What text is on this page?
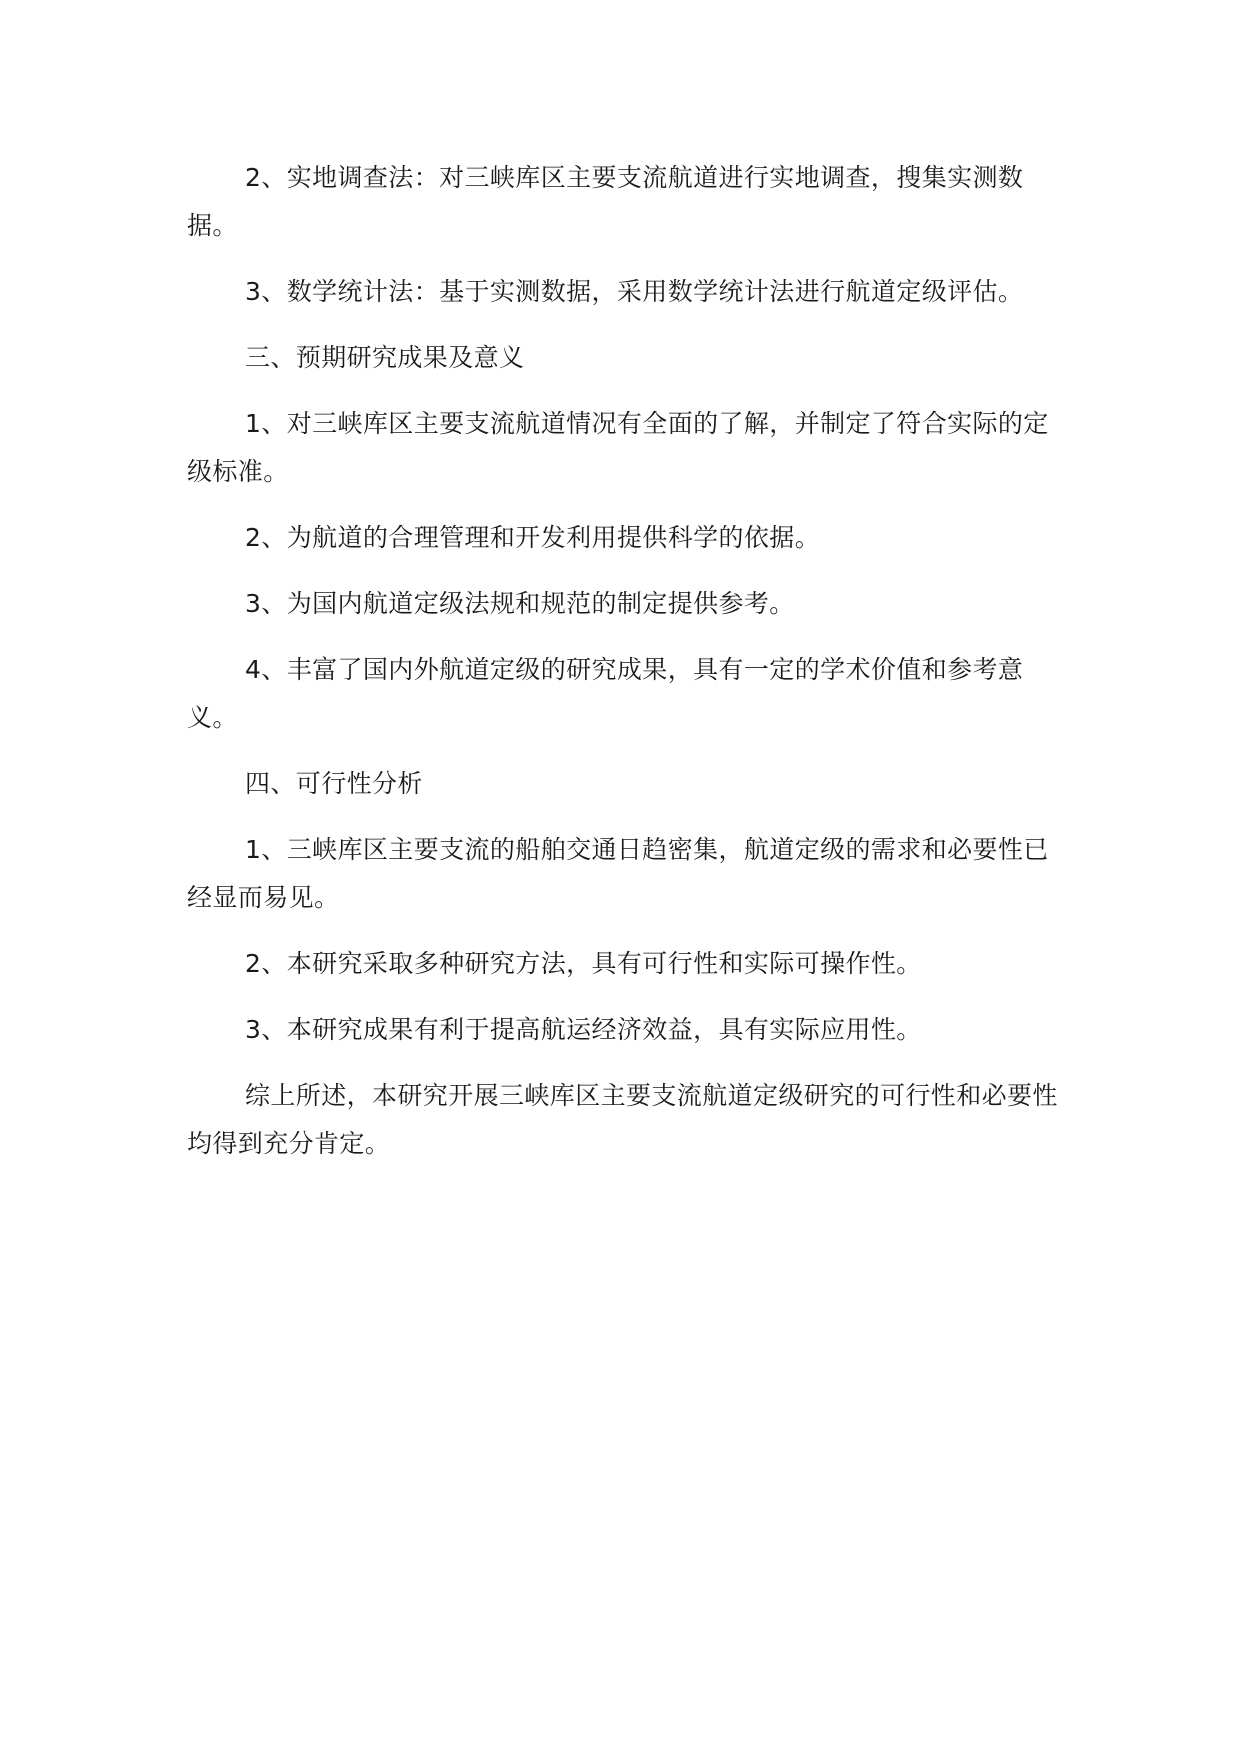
2、实地调查法：对三峡库区主要支流航道进行实地调查，搜集实测数据。

3、数学统计法：基于实测数据，采用数学统计法进行航道定级评估。

三、预期研究成果及意义

1、对三峡库区主要支流航道情况有全面的了解，并制定了符合实际的定级标准。

2、为航道的合理管理和开发利用提供科学的依据。

3、为国内航道定级法规和规范的制定提供参考。

4、丰富了国内外航道定级的研究成果，具有一定的学术价值和参考意义。

四、可行性分析

1、三峡库区主要支流的船舶交通日趋密集，航道定级的需求和必要性已经显而易见。

2、本研究采取多种研究方法，具有可行性和实际可操作性。

3、本研究成果有利于提高航运经济效益，具有实际应用性。

综上所述，本研究开展三峡库区主要支流航道定级研究的可行性和必要性均得到充分肯定。
